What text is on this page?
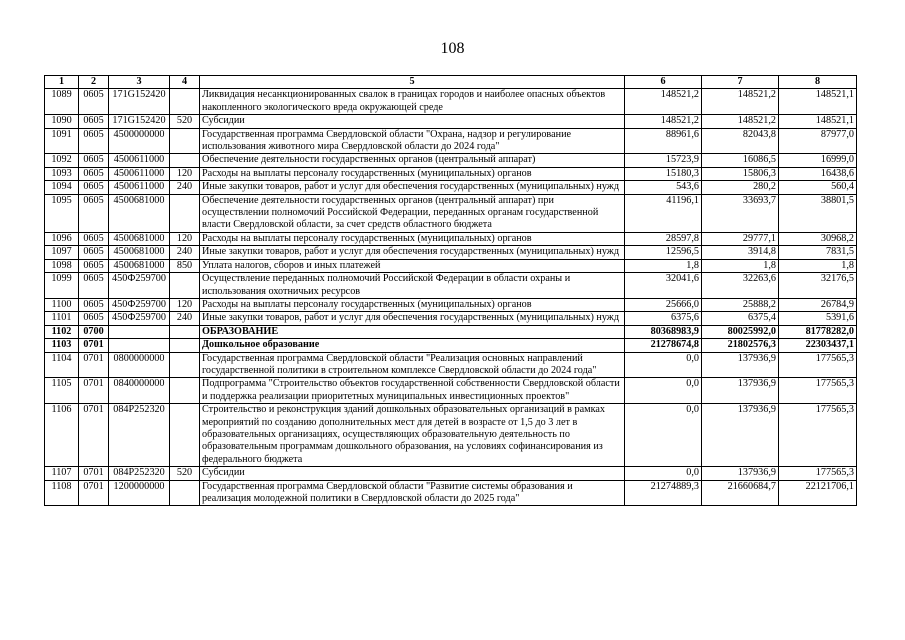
108
1	2	3	4	5	6	7	8
1089	0605	171G152420		Ликвидация несанкционированных свалок в границах городов и наиболее опасных объектов накопленного экологического вреда окружающей среде	148521,2	148521,2	148521,1
1090	0605	171G152420	520	Субсидии	148521,2	148521,2	148521,1
1091	0605	4500000000		Государственная программа Свердловской области "Охрана, надзор и регулирование использования животного мира Свердловской области до 2024 года"	88961,6	82043,8	87977,0
1092	0605	4500611000		Обеспечение деятельности государственных органов (центральный аппарат)	15723,9	16086,5	16999,0
1093	0605	4500611000	120	Расходы на выплаты персоналу государственных (муниципальных) органов	15180,3	15806,3	16438,6
1094	0605	4500611000	240	Иные закупки товаров, работ и услуг для обеспечения государственных (муниципальных) нужд	543,6	280,2	560,4
1095	0605	4500681000		Обеспечение деятельности государственных органов (центральный аппарат) при осуществлении полномочий Российской Федерации, переданных органам государственной власти Свердловской области, за счет средств областного бюджета	41196,1	33693,7	38801,5
1096	0605	4500681000	120	Расходы на выплаты персоналу государственных (муниципальных) органов	28597,8	29777,1	30968,2
1097	0605	4500681000	240	Иные закупки товаров, работ и услуг для обеспечения государственных (муниципальных) нужд	12596,5	3914,8	7831,5
1098	0605	4500681000	850	Уплата налогов, сборов и иных платежей	1,8	1,8	1,8
1099	0605	450Ф259700		Осуществление переданных полномочий Российской Федерации в области охраны и использования охотничьих ресурсов	32041,6	32263,6	32176,5
1100	0605	450Ф259700	120	Расходы на выплаты персоналу государственных (муниципальных) органов	25666,0	25888,2	26784,9
1101	0605	450Ф259700	240	Иные закупки товаров, работ и услуг для обеспечения государственных (муниципальных) нужд	6375,6	6375,4	5391,6
1102	0700			ОБРАЗОВАНИЕ	80368983,9	80025992,0	81778282,0
1103	0701			Дошкольное образование	21278674,8	21802576,3	22303437,1
1104	0701	0800000000		Государственная программа Свердловской области "Реализация основных направлений государственной политики в строительном комплексе Свердловской области до 2024 года"	0,0	137936,9	177565,3
1105	0701	0840000000		Подпрограмма "Строительство объектов государственной собственности Свердловской области и поддержка реализации приоритетных муниципальных инвестиционных проектов"	0,0	137936,9	177565,3
1106	0701	084P252320		Строительство и реконструкция зданий дошкольных образовательных организаций в рамках мероприятий по созданию дополнительных мест для детей в возрасте от 1,5 до 3 лет в образовательных организациях, осуществляющих образовательную деятельность по образовательным программам дошкольного образования, на условиях софинансирования из федерального бюджета	0,0	137936,9	177565,3
1107	0701	084P252320	520	Субсидии	0,0	137936,9	177565,3
1108	0701	1200000000		Государственная программа Свердловской области "Развитие системы образования и реализация молодежной политики в Свердловской области до 2025 года"	21274889,3	21660684,7	22121706,1
